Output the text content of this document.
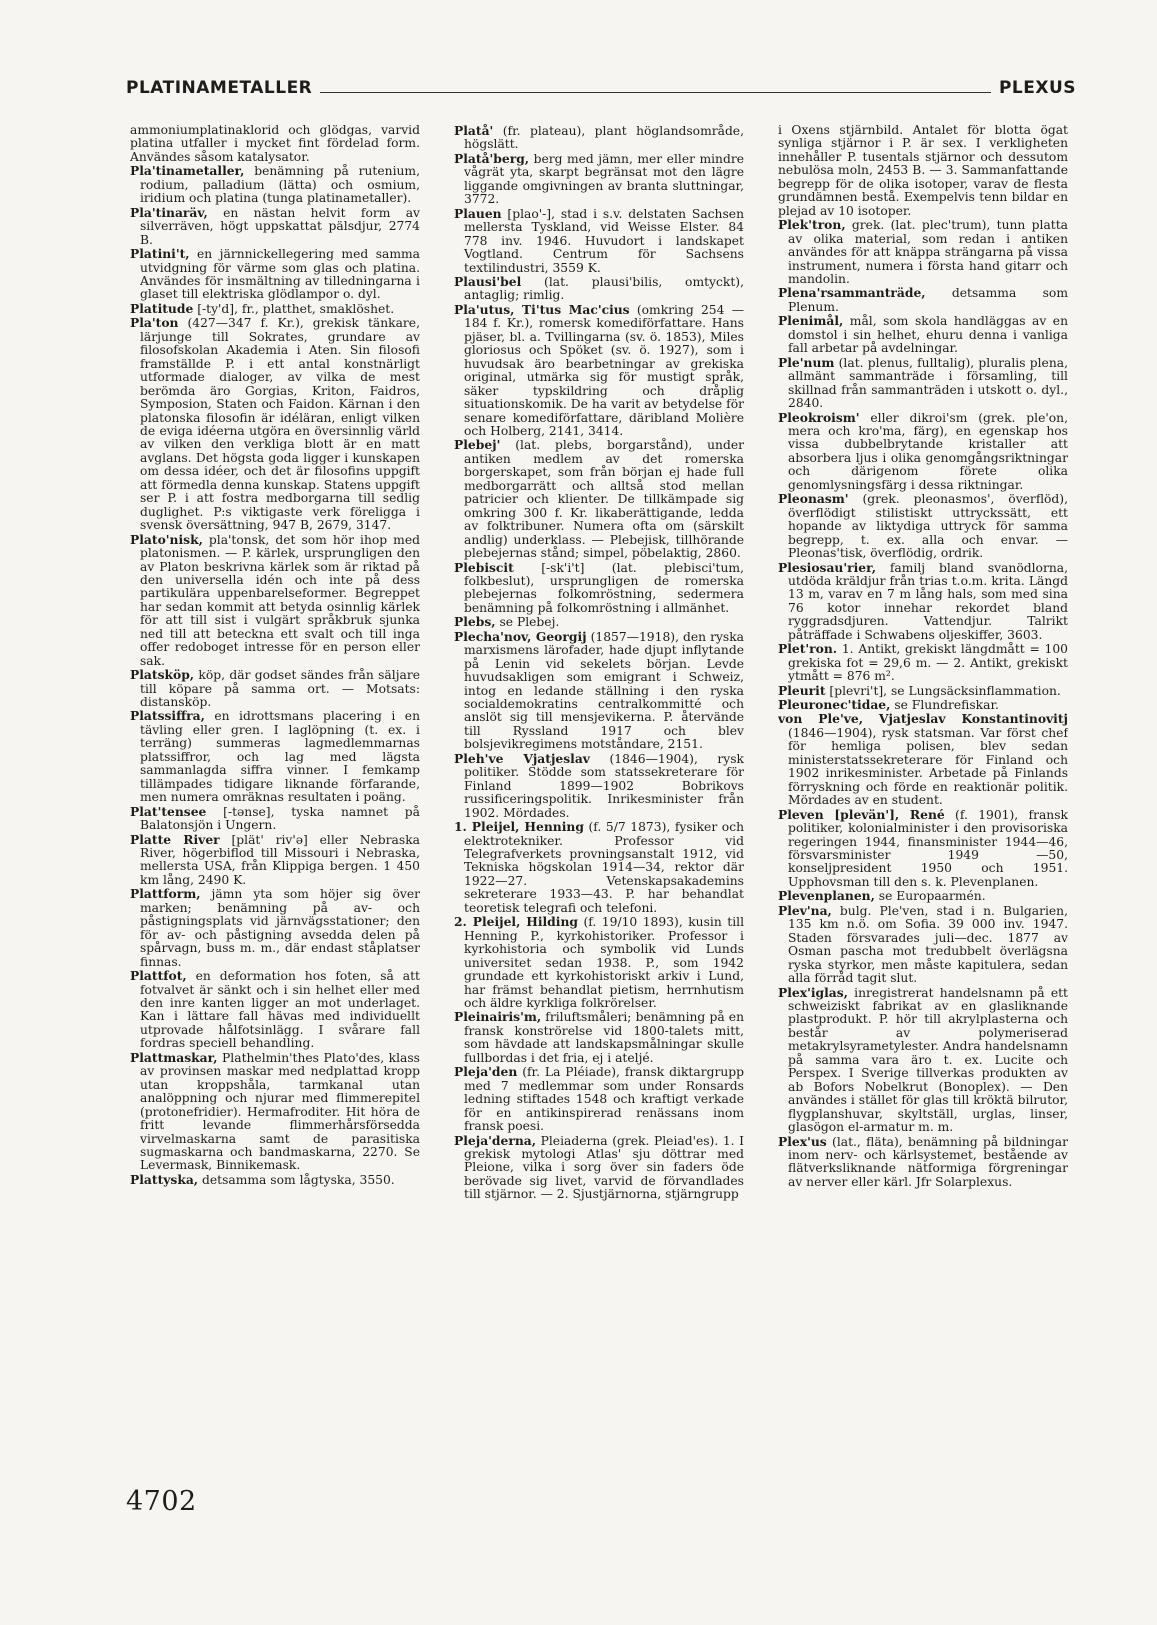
PLATINAMETALLER	PLEXUS

ammoniumplatinaklorid och glödgas, varvid platina utfaller i mycket fint fördelad form. Användes såsom katalysator.

Pla'tinametaller, benämning på rutenium, rodium, palladium (lätta) och osmium, iridium och platina (tunga platinametaller).

Pla'tinaräv, en nästan helvit form av silverräven, högt uppskattat pälsdjur, 2774 B.

Platini't, en järnnickellegering med samma utvidgning för värme som glas och platina. Användes för insmältning av tilledningarna i glaset till elektriska glödlampor o. dyl.

Platitude [-ty'd], fr., platthet, smaklöshet.

Pla'ton (427—347 f. Kr.), grekisk tänkare, lärjunge till Sokrates, grundare av filosofskolan Akademia i Aten. Sin filosofi framställde P. i ett antal konstnärligt utformade dialoger, av vilka de mest berömda äro Gorgias, Kriton, Faidros, Symposion, Staten och Faidon. Kärnan i den platonska filosofin är idéläran, enligt vilken de eviga idéerna utgöra en översinnlig värld av vilken den verkliga blott är en matt avglans. Det högsta goda ligger i kunskapen om dessa idéer, och det är filosofins uppgift att förmedla denna kunskap. Statens uppgift ser P. i att fostra medborgarna till sedlig duglighet. P:s viktigaste verk föreligga i svensk översättning, 947 B, 2679, 3147.

Plato'nisk, pla'tonsk, det som hör ihop med platonismen. — P. kärlek, ursprungligen den av Platon beskrivna kärlek som är riktad på den universella idén och inte på dess partikulära uppenbarelseformer. Begreppet har sedan kommit att betyda osinnlig kärlek för att till sist i vulgärt språkbruk sjunka ned till att beteckna ett svalt och till inga offer redoboget intresse för en person eller sak.

Platsköp, köp, där godset sändes från säljare till köpare på samma ort. — Motsats: distansköp.

Platssiffra, en idrottsmans placering i en tävling eller gren. I laglöpning (t. ex. i terräng) summeras lagmedlemmarnas platssiffror, och lag med lägsta sammanlagda siffra vinner. I femkamp tillämpades tidigare liknande förfarande, men numera omräknas resultaten i poäng.

Plat'tensee [-tənse], tyska namnet på Balatonsjön i Ungern.

Platte River [plät' riv'ə] eller Nebraska River, högerbiflod till Missouri i Nebraska, mellersta USA, från Klippiga bergen. 1 450 km lång, 2490 K.

Plattform, jämn yta som höjer sig över marken; benämning på av- och påstigningsplats vid järnvägsstationer; den för av- och påstigning avsedda delen på spårvagn, buss m. m., där endast ståplatser finnas.

Plattfot, en deformation hos foten, så att fotvalvet är sänkt och i sin helhet eller med den inre kanten ligger an mot underlaget. Kan i lättare fall hävas med individuellt utprovade hålfotsinlägg. I svårare fall fordras speciell behandling.

Plattmaskar, Plathelmin'thes Plato'des, klass av provinsen maskar med nedplattad kropp utan kroppshåla, tarmkanal utan analöppning och njurar med flimmerepitel (protonefridier). Hermafroditer. Hit höra de fritt levande flimmerhårsförsedda virvelmaskarna samt de parasitiska sugmaskarna och bandmaskarna, 2270. Se Levermask, Binnikemask.

Plattyska, detsamma som lågtyska, 3550.

Platå' (fr. plateau), plant höglandsområde, högslätt.

Platå'berg, berg med jämn, mer eller mindre vågrät yta, skarpt begränsat mot den lägre liggande omgivningen av branta sluttningar, 3772.

Plauen [plao'-], stad i s.v. delstaten Sachsen mellersta Tyskland, vid Weisse Elster. 84 778 inv. 1946. Huvudort i landskapet Vogtland. Centrum för Sachsens textilindustri, 3559 K.

Plausi'bel (lat. plausi'bilis, omtyckt), antaglig; rimlig.

Pla'utus, Ti'tus Mac'cius (omkring 254 —184 f. Kr.), romersk komediförfattare. Hans pjäser, bl. a. Tvillingarna (sv. ö. 1853), Miles gloriosus och Spöket (sv. ö. 1927), som i huvudsak äro bearbetningar av grekiska original, utmärka sig för mustigt språk, säker typskildring och dråplig situationskomik. De ha varit av betydelse för senare komediförfattare, däribland Molière och Holberg, 2141, 3414.

Plebej' (lat. plebs, borgarstånd), under antiken medlem av det romerska borgerskapet, som från början ej hade full medborgarrätt och alltså stod mellan patricier och klienter. De tillkämpade sig omkring 300 f. Kr. likaberättigande, ledda av folktribuner. Numera ofta om (särskilt andlig) underklass. — Plebejisk, tillhörande plebejernas stånd; simpel, pöbelaktig, 2860.

Plebiscit [-sk'i't] (lat. plebisci'tum, folkbeslut), ursprungligen de romerska plebejernas folkomröstning, sedermera benämning på folkomröstning i allmänhet.

Plebs, se Plebej.

Plecha'nov, Georgij (1857—1918), den ryska marxismens lärofader, hade djupt inflytande på Lenin vid sekelets början. Levde huvudsakligen som emigrant i Schweiz, intog en ledande ställning i den ryska socialdemokratins centralkommitté och anslöt sig till mensjevikerna. P. återvände till Ryssland 1917 och blev bolsjevikregimens motståndare, 2151.

Pleh've Vjatjeslav (1846—1904), rysk politiker. Stödde som statssekreterare för Finland 1899—1902 Bobrikovs russificeringspolitik. Inrikesminister från 1902. Mördades.

1. Pleijel, Henning (f. 5/7 1873), fysiker och elektrotekniker. Professor vid Telegrafverkets provningsanstalt 1912, vid Tekniska högskolan 1914—34, rektor där 1922—27. Vetenskapsakademins sekreterare 1933—43. P. har behandlat teoretisk telegrafi och telefoni.

2. Pleijel, Hilding (f. 19/10 1893), kusin till Henning P., kyrkohistoriker. Professor i kyrkohistoria och symbolik vid Lunds universitet sedan 1938. P., som 1942 grundade ett kyrkohistoriskt arkiv i Lund, har främst behandlat pietism, herrnhutism och äldre kyrkliga folkrörelser.

Pleinairis'm, friluftsmåleri; benämning på en fransk konströrelse vid 1800-talets mitt, som hävdade att landskapsmålningar skulle fullbordas i det fria, ej i ateljé.

Pleja'den (fr. La Pléiade), fransk diktargrupp med 7 medlemmar som under Ronsards ledning stiftades 1548 och kraftigt verkade för en antikinspirerad renässans inom fransk poesi.

Pleja'derna, Pleiaderna (grek. Pleiad'es). 1. I grekisk mytologi Atlas' sju döttrar med Pleione, vilka i sorg över sin faders öde berövade sig livet, varvid de förvandlades till stjärnor. — 2. Sjustjärnorna, stjärngrupp

i Oxens stjärnbild. Antalet för blotta ögat synliga stjärnor i P. är sex. I verkligheten innehåller P. tusentals stjärnor och dessutom nebulösa moln, 2453 B. — 3. Sammanfattande begrepp för de olika isotoper, varav de flesta grundämnen bestå. Exempelvis tenn bildar en plejad av 10 isotoper.

Plek'tron, grek. (lat. plec'trum), tunn platta av olika material, som redan i antiken användes för att knäppa strängarna på vissa instrument, numera i första hand gitarr och mandolin.

Plena'rsammanträde, detsamma som Plenum.

Plenimål, mål, som skola handläggas av en domstol i sin helhet, ehuru denna i vanliga fall arbetar på avdelningar.

Ple'num (lat. plenus, fulltalig), pluralis plena, allmänt sammanträde i församling, till skillnad från sammanträden i utskott o. dyl., 2840.

Pleokroism' eller dikroi'sm (grek. ple'on, mera och kro'ma, färg), en egenskap hos vissa dubbelbrytande kristaller att absorbera ljus i olika genomgångsriktningar och därigenom förete olika genomlysningsfärg i dessa riktningar.

Pleonasm' (grek. pleonasmos', överflöd), överflödigt stilistiskt uttryckssätt, ett hopande av liktydiga uttryck för samma begrepp, t. ex. alla och envar. — Pleonas'tisk, överflödig, ordrik.

Plesiosau'rier, familj bland svanödlorna, utdöda kräldjur från trias t.o.m. krita. Längd 13 m, varav en 7 m lång hals, som med sina 76 kotor innehar rekordet bland ryggradsdjuren. Vattendjur. Talrikt påträffade i Schwabens oljeskiffer, 3603.

Plet'ron. 1. Antikt, grekiskt längdmått = 100 grekiska fot = 29,6 m. — 2. Antikt, grekiskt ytmått = 876 m².

Pleurit [plevri't], se Lungsäcksinflammation.

Pleuronec'tidae, se Flundrefiskar.

von Ple've, Vjatjeslav Konstantinovitj (1846—1904), rysk statsman. Var först chef för hemliga polisen, blev sedan ministerstatssekreterare för Finland och 1902 inrikesminister. Arbetade på Finlands förryskning och förde en reaktionär politik. Mördades av en student.

Pleven [plevän'], René (f. 1901), fransk politiker, kolonialminister i den provisoriska regeringen 1944, finansminister 1944—46, försvarsminister 1949 —50, konseljpresident 1950 och 1951. Upphovsman till den s. k. Plevenplanen.

Plevenplanen, se Europaarmén.

Plev'na, bulg. Ple'ven, stad i n. Bulgarien, 135 km n.ö. om Sofia. 39 000 inv. 1947. Staden försvarades juli—dec. 1877 av Osman pascha mot tredubbelt överlägsna ryska styrkor, men måste kapitulera, sedan alla förråd tagit slut.

Plex'iglas, inregistrerat handelsnamn på ett schweiziskt fabrikat av en glasliknande plastprodukt. P. hör till akrylplasterna och består av polymeriserad metakrylsyrametylester. Andra handelsnamn på samma vara äro t. ex. Lucite och Perspex. I Sverige tillverkas produkten av ab Bofors Nobelkrut (Bonoplex). — Den användes i stället för glas till kröktä bilrutor, flygplanshuvar, skyltställ, urglas, linser, glasögon el-armatur m. m.

Plex'us (lat., fläta), benämning på bildningar inom nerv- och kärlsystemet, bestående av flätverksliknande nätformiga förgreningar av nerver eller kärl. Jfr Solarplexus.

4702
